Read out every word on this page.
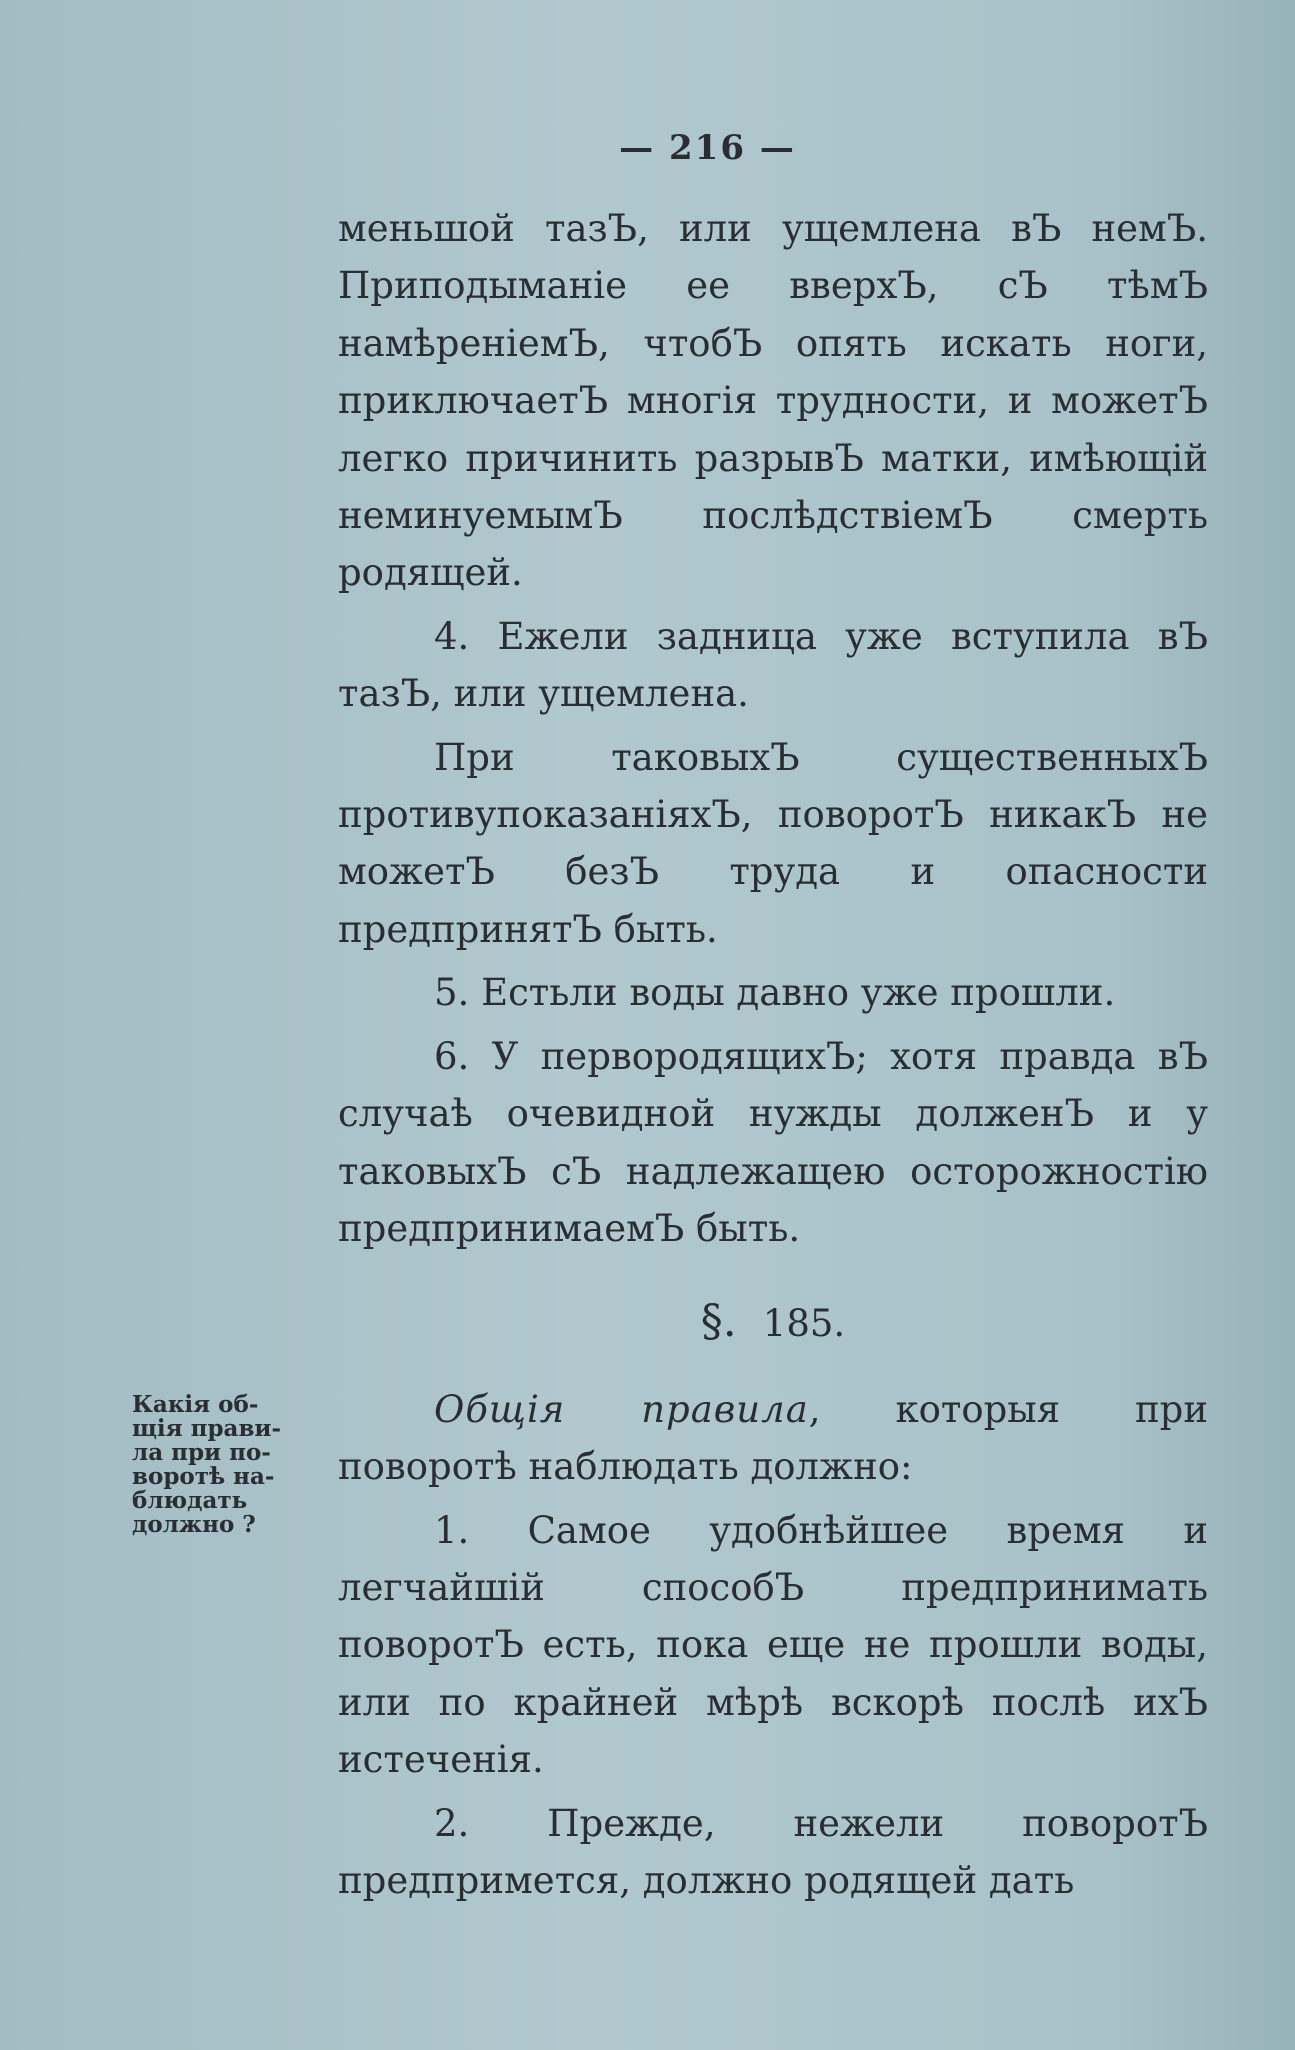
— 216 —

меньшой тазЪ, или ущемлена вЪ немЪ. Приподыманіе ее вверхЪ, сЪ тѣмЪ намѣреніемЪ, чтобЪ опять искать ноги, приключаетЪ многія трудности, и можетЪ легко причинить разрывЪ матки, имѣющій неминуемымЪ послѣдствіемЪ смерть родящей.

4. Ежели задница уже вступила вЪ тазЪ, или ущемлена.

При таковыхЪ существенныхЪ противупоказаніяхЪ, поворотЪ никакЪ не можетЪ безЪ труда и опасности предпринятЪ быть.

5. Естьли воды давно уже прошли.

6. У первородящихЪ; хотя правда вЪ случаѣ очевидной нужды долженЪ и у таковыхЪ сЪ надлежащею осторожностію предпринимаемЪ быть.

§. 185.

Общія правила, которыя при поворотѣ наблюдать должно:

1. Самое удобнѣйшее время и легчайшій способЪ предпринимать поворотЪ есть, пока еще не прошли воды, или по крайней мѣрѣ вскорѣ послѣ ихЪ истеченія.

2. Прежде, нежели поворотЪ предпримется, должно родящей дать

Какія об-
щія прави-
ла при по-
воротѣ на-
блюдать
должно ?
